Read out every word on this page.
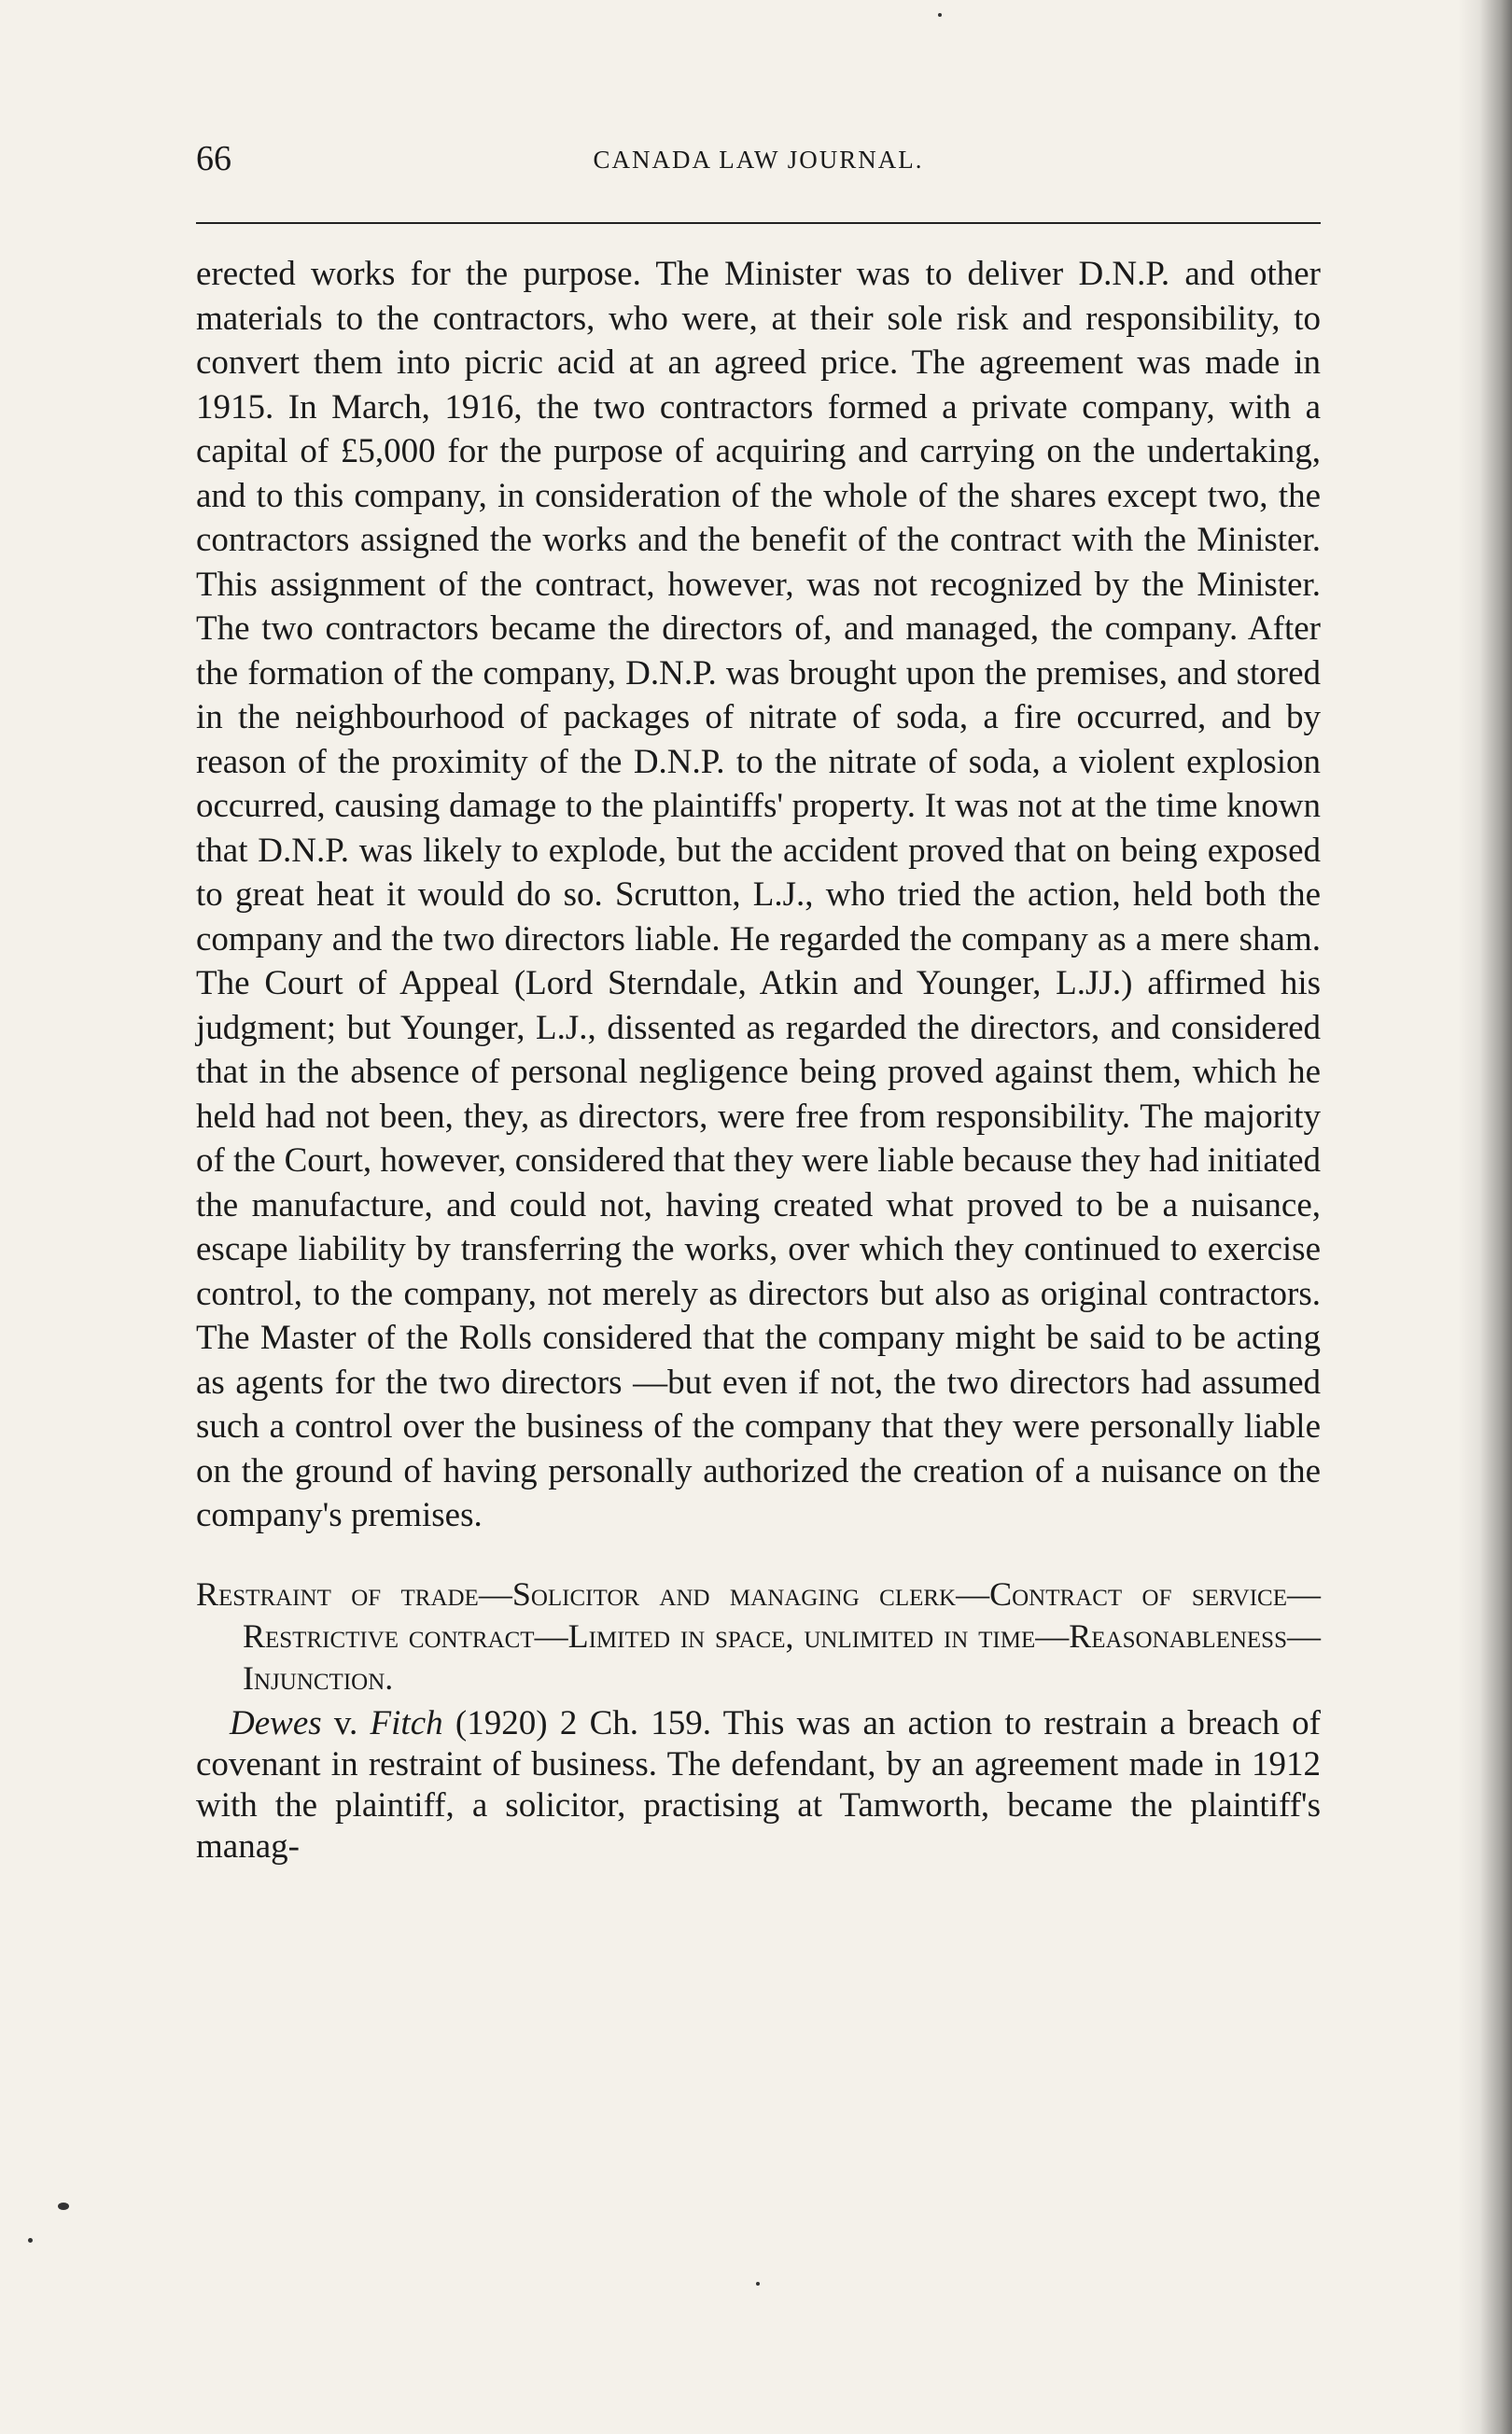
66	CANADA LAW JOURNAL.

erected works for the purpose. The Minister was to deliver D.N.P. and other materials to the contractors, who were, at their sole risk and responsibility, to convert them into picric acid at an agreed price. The agreement was made in 1915. In March, 1916, the two contractors formed a private company, with a capital of £5,000 for the purpose of acquiring and carrying on the undertaking, and to this company, in consideration of the whole of the shares except two, the contractors assigned the works and the benefit of the contract with the Minister. This assignment of the contract, however, was not recognized by the Minister. The two contractors became the directors of, and managed, the company. After the formation of the company, D.N.P. was brought upon the premises, and stored in the neighbourhood of packages of nitrate of soda, a fire occurred, and by reason of the proximity of the D.N.P. to the nitrate of soda, a violent explosion occurred, causing damage to the plaintiffs' property. It was not at the time known that D.N.P. was likely to explode, but the accident proved that on being exposed to great heat it would do so. Scrutton, L.J., who tried the action, held both the company and the two directors liable. He regarded the company as a mere sham. The Court of Appeal (Lord Sterndale, Atkin and Younger, L.JJ.) affirmed his judgment; but Younger, L.J., dissented as regarded the directors, and considered that in the absence of personal negligence being proved against them, which he held had not been, they, as directors, were free from responsibility. The majority of the Court, however, considered that they were liable because they had initiated the manufacture, and could not, having created what proved to be a nuisance, escape liability by transferring the works, over which they continued to exercise control, to the company, not merely as directors but also as original contractors. The Master of the Rolls considered that the company might be said to be acting as agents for the two directors —but even if not, the two directors had assumed such a control over the business of the company that they were personally liable on the ground of having personally authorized the creation of a nuisance on the company's premises.

Restraint of trade—Solicitor and managing clerk—Contract of service—Restrictive contract—Limited in space, unlimited in time—Reasonableness—Injunction.

Dewes v. Fitch (1920) 2 Ch. 159. This was an action to restrain a breach of covenant in restraint of business. The defendant, by an agreement made in 1912 with the plaintiff, a solicitor, practising at Tamworth, became the plaintiff's manag-
